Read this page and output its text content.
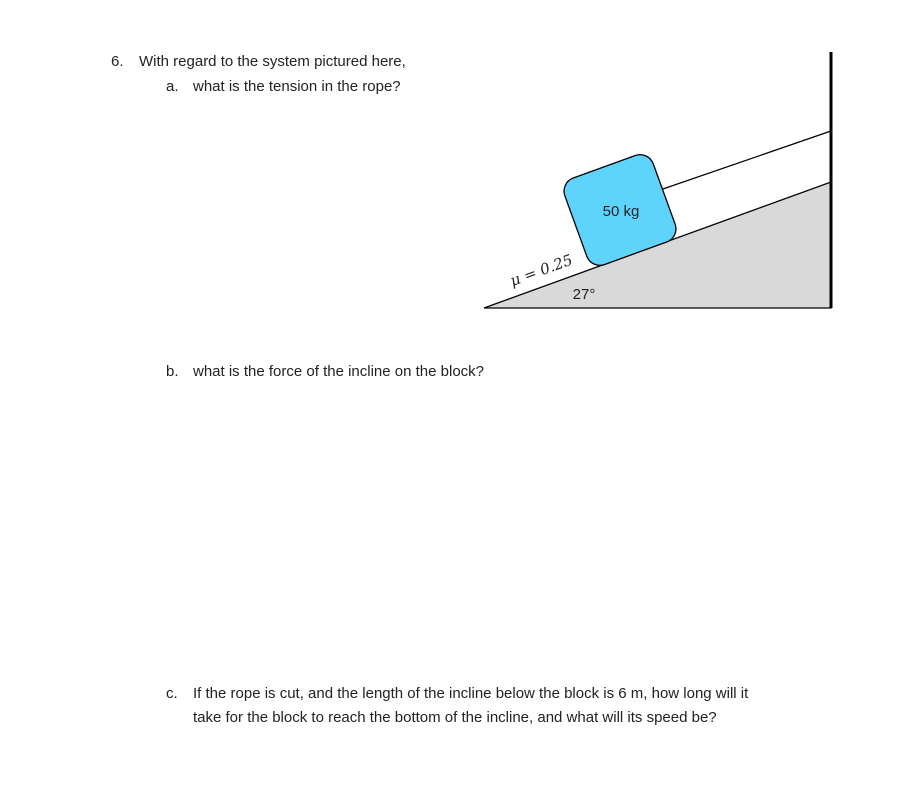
6. With regard to the system pictured here,
a. what is the tension in the rope?
b. what is the force of the incline on the block?
c. If the rope is cut, and the length of the incline below the block is 6 m, how long will it
take for the block to reach the bottom of the incline, and what will its speed be?
50 kg
μ = 0.25
27°
